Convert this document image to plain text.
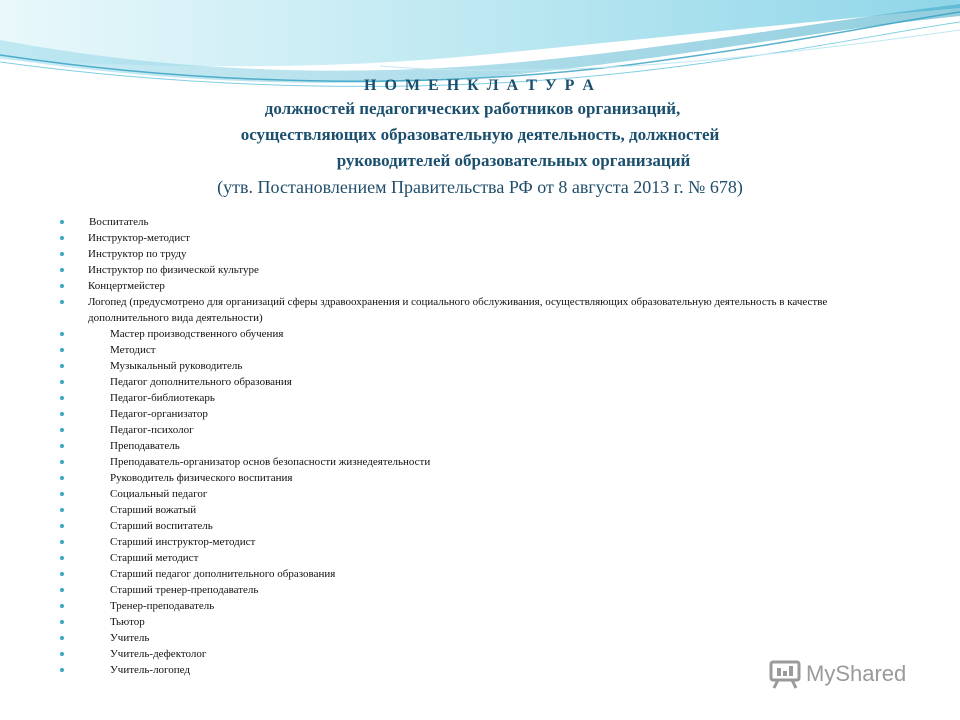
Н О М Е Н К Л А Т У Р А
должностей педагогических работников организаций,
осуществляющих образовательную деятельность, должностей
руководителей образовательных организаций
(утв. Постановлением Правительства РФ от 8 августа 2013 г. № 678)
Воспитатель
Инструктор-методист
Инструктор по труду
Инструктор по физической культуре
Концертмейстер
Логопед (предусмотрено для организаций сферы здравоохранения и социального обслуживания, осуществляющих образовательную деятельность в качестве дополнительного вида деятельности)
Мастер производственного обучения
Методист
Музыкальный руководитель
Педагог дополнительного образования
Педагог-библиотекарь
Педагог-организатор
Педагог-психолог
Преподаватель
Преподаватель-организатор основ безопасности жизнедеятельности
Руководитель физического воспитания
Социальный педагог
Старший вожатый
Старший воспитатель
Старший инструктор-методист
Старший методист
Старший педагог дополнительного образования
Старший тренер-преподаватель
Тренер-преподаватель
Тьютор
Учитель
Учитель-дефектолог
Учитель-логопед	MyShared
